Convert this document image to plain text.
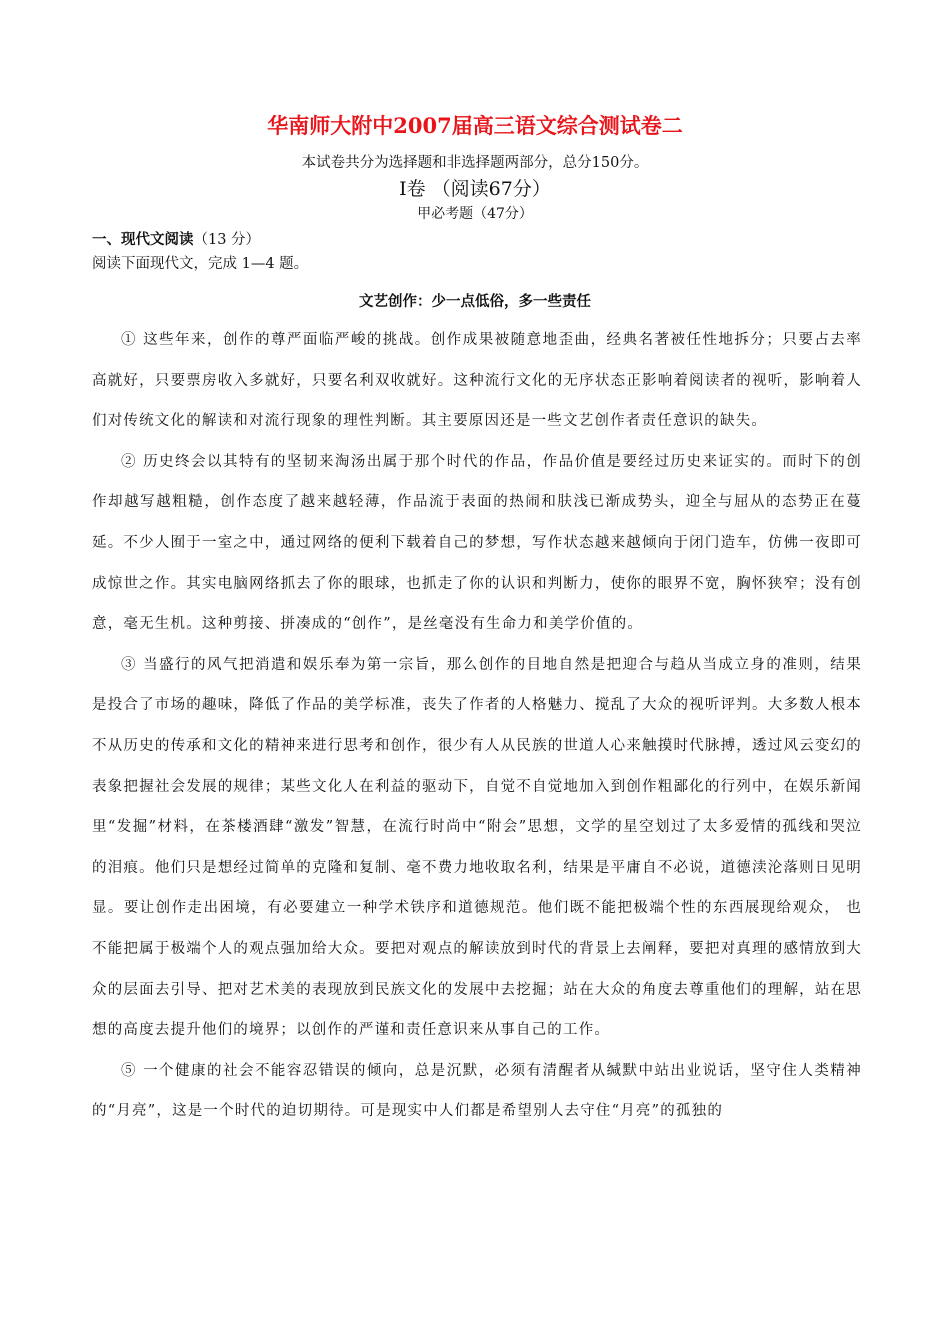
华南师大附中2007届高三语文综合测试卷二
本试卷共分为选择题和非选择题两部分，总分150分。
Ⅰ卷 （阅读67分）
甲必考题（47分）
一、现代文阅读（13 分）
阅读下面现代文，完成 1—4 题。
文艺创作：少一点低俗，多一些责任

① 这些年来，创作的尊严面临严峻的挑战。创作成果被随意地歪曲，经典名著被任性地拆分；只要占去率高就好，只要票房收入多就好，只要名利双收就好。这种流行文化的无序状态正影响着阅读者的视听，影响着人们对传统文化的解读和对流行现象的理性判断。其主要原因还是一些文艺创作者责任意识的缺失。

② 历史终会以其特有的坚韧来淘汤出属于那个时代的作品，作品价值是要经过历史来证实的。而时下的创作却越写越粗糙，创作态度了越来越轻薄，作品流于表面的热闹和肤浅已渐成势头，迎全与屈从的态势正在蔓延。不少人囿于一室之中，通过网络的便利下载着自己的梦想，写作状态越来越倾向于闭门造车，仿佛一夜即可成惊世之作。其实电脑网络抓去了你的眼球，也抓走了你的认识和判断力，使你的眼界不宽，胸怀狭窄；没有创意，毫无生机。这种剪接、拼凑成的“创作”，是丝毫没有生命力和美学价值的。

③ 当盛行的风气把消遣和娱乐奉为第一宗旨，那么创作的目地自然是把迎合与趋从当成立身的准则，结果是投合了市场的趣味，降低了作品的美学标准，丧失了作者的人格魅力、搅乱了大众的视听评判。大多数人根本不从历史的传承和文化的精神来进行思考和创作，很少有人从民族的世道人心来触摸时代脉搏，透过风云变幻的表象把握社会发展的规律；某些文化人在利益的驱动下，自觉不自觉地加入到创作粗鄙化的行列中，在娱乐新闻里“发掘”材料，在茶楼酒肆“激发”智慧，在流行时尚中“附会”思想，文学的星空划过了太多爱情的孤线和哭泣的泪痕。他们只是想经过简单的克隆和复制、毫不费力地收取名利，结果是平庸自不必说，道德渎沦落则日见明显。要让创作走出困境，有必要建立一种学术铁序和道德规范。他们既不能把极端个性的东西展现给观众， 也不能把属于极端个人的观点强加给大众。要把对观点的解读放到时代的背景上去阐释，要把对真理的感情放到大众的层面去引导、把对艺术美的表现放到民族文化的发展中去挖掘；站在大众的角度去尊重他们的理解，站在思想的高度去提升他们的境界；以创作的严谨和责任意识来从事自己的工作。

⑤ 一个健康的社会不能容忍错误的倾向，总是沉默，必须有清醒者从缄默中站出业说话，坚守住人类精神的“月亮”，这是一个时代的迫切期待。可是现实中人们都是希望别人去守住“月亮”的孤独的
